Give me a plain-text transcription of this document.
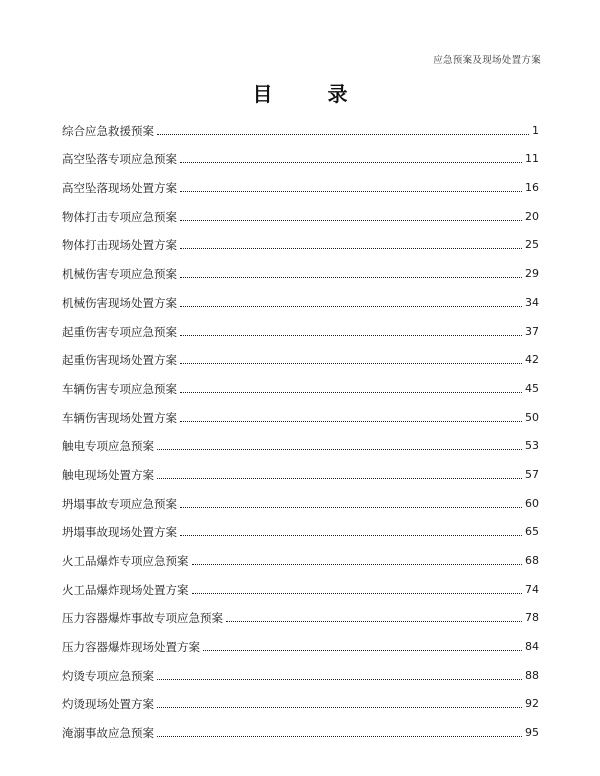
应急预案及现场处置方案
目 录
综合应急救援预案	1
高空坠落专项应急预案	11
高空坠落现场处置方案	16
物体打击专项应急预案	20
物体打击现场处置方案	25
机械伤害专项应急预案	29
机械伤害现场处置方案	34
起重伤害专项应急预案	37
起重伤害现场处置方案	42
车辆伤害专项应急预案	45
车辆伤害现场处置方案	50
触电专项应急预案	53
触电现场处置方案	57
坍塌事故专项应急预案	60
坍塌事故现场处置方案	65
火工品爆炸专项应急预案	68
火工品爆炸现场处置方案	74
压力容器爆炸事故专项应急预案	78
压力容器爆炸现场处置方案	84
灼烫专项应急预案	88
灼烫现场处置方案	92
淹溺事故应急预案	95
